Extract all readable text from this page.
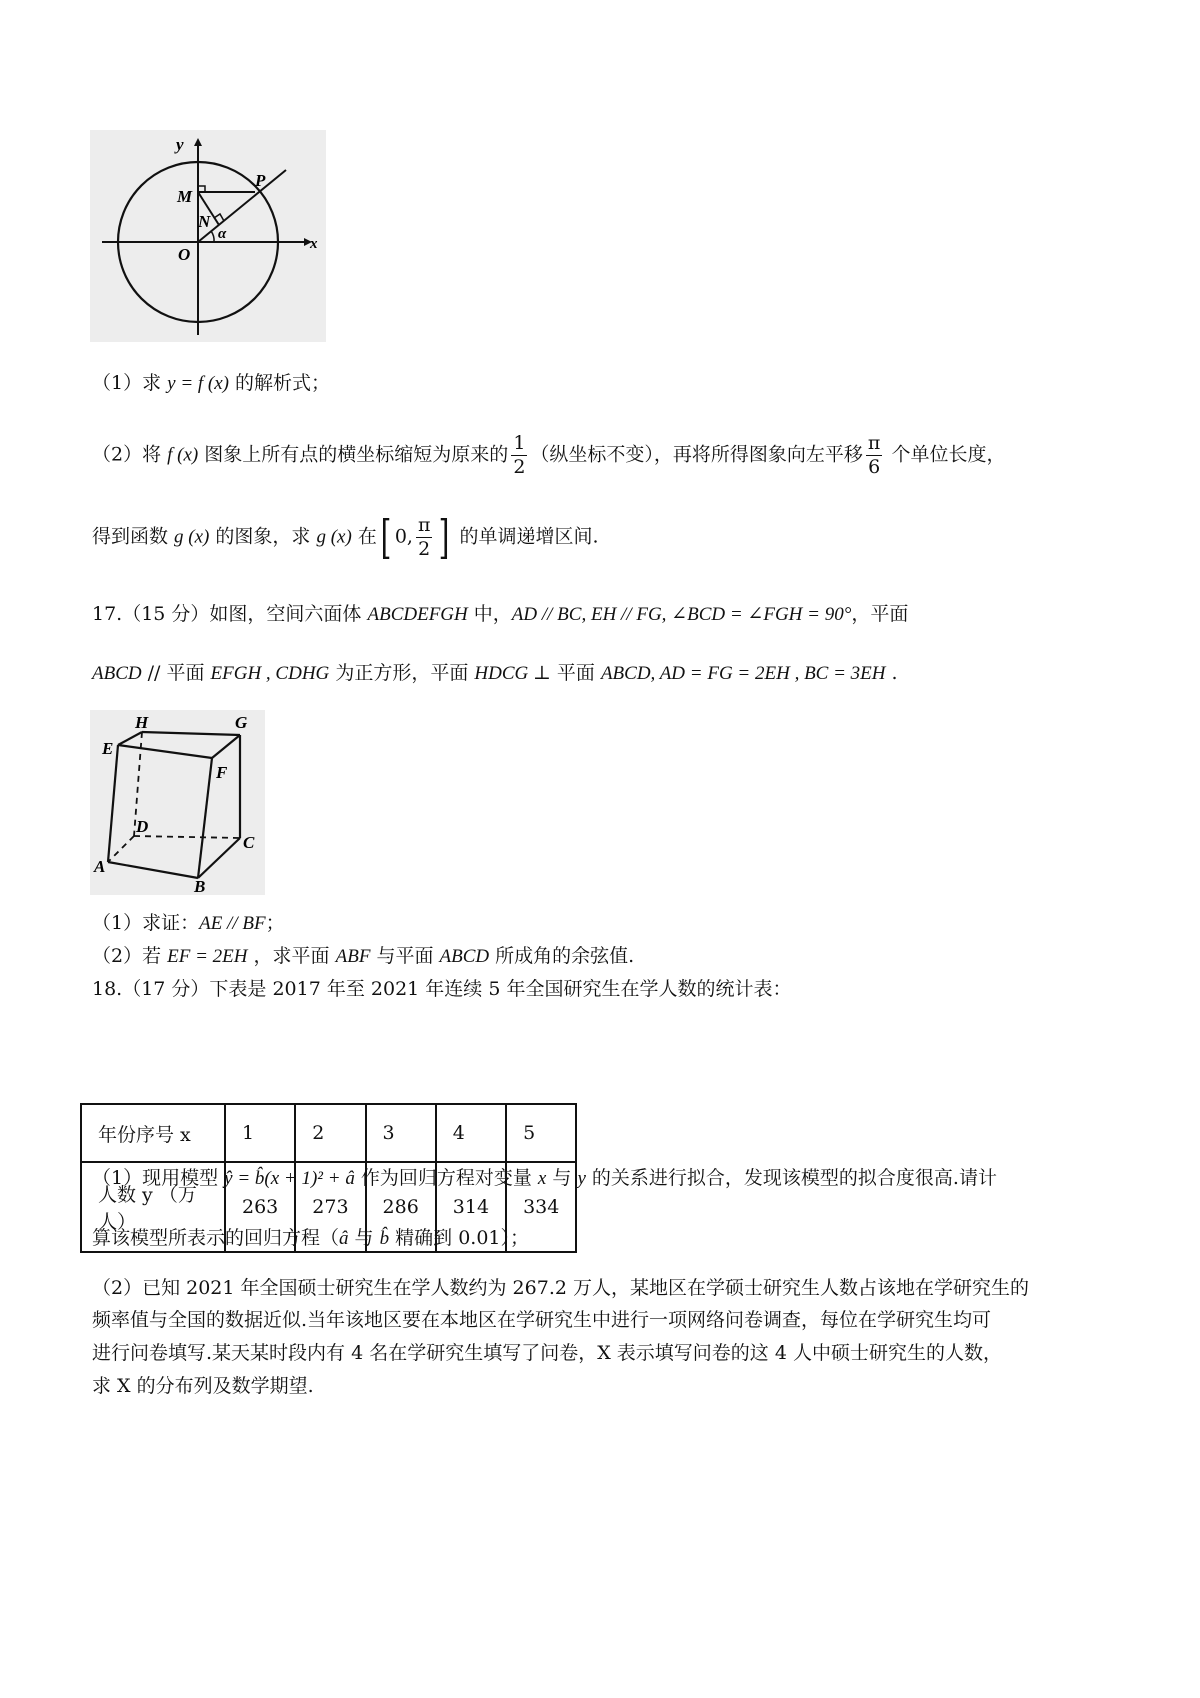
y
x
O
M
N
P
α
（1）求 y = f (x) 的解析式；
（2）将 f (x) 图象上所有点的横坐标缩短为原来的 $\frac{1}{2}$ （纵坐标不变），再将所得图象向左平移 $\frac{\pi}{6}$ 个单位长度，
得到函数 g (x) 的图象，求 g (x) 在[ 0, $\frac{\pi}{2}$ ] 的单调递增区间.
17.（15 分）如图，空间六面体 ABCDEFGH 中，AD // BC, EH // FG, ∠BCD = ∠FGH = 90°，平面
ABCD // 平面 EFGH , CDHG 为正方形，平面 HDCG ⊥ 平面 ABCD, AD = FG = 2EH , BC = 3EH .
H	G
E
F
D
C
A
B
（1）求证：AE // BF；
（2）若 EF = 2EH ，求平面 ABF 与平面 ABCD 所成角的余弦值.
18.（17 分）下表是 2017 年至 2021 年连续 5 年全国研究生在学人数的统计表：
年份序号 x	1	2	3	4	5

人数 y （万
人）	263	273	286	314	334
（1）现用模型 ŷ = b̂(x + 1)² + â 作为回归方程对变量 x 与 y 的关系进行拟合，发现该模型的拟合度很高.请计
算该模型所表示的回归方程（â 与 b̂ 精确到 0.01）；
（2）已知 2021 年全国硕士研究生在学人数约为 267.2 万人，某地区在学硕士研究生人数占该地在学研究生的
频率值与全国的数据近似.当年该地区要在本地区在学研究生中进行一项网络问卷调查，每位在学研究生均可
进行问卷填写.某天某时段内有 4 名在学研究生填写了问卷，X 表示填写问卷的这 4 人中硕士研究生的人数，
求 X 的分布列及数学期望.
